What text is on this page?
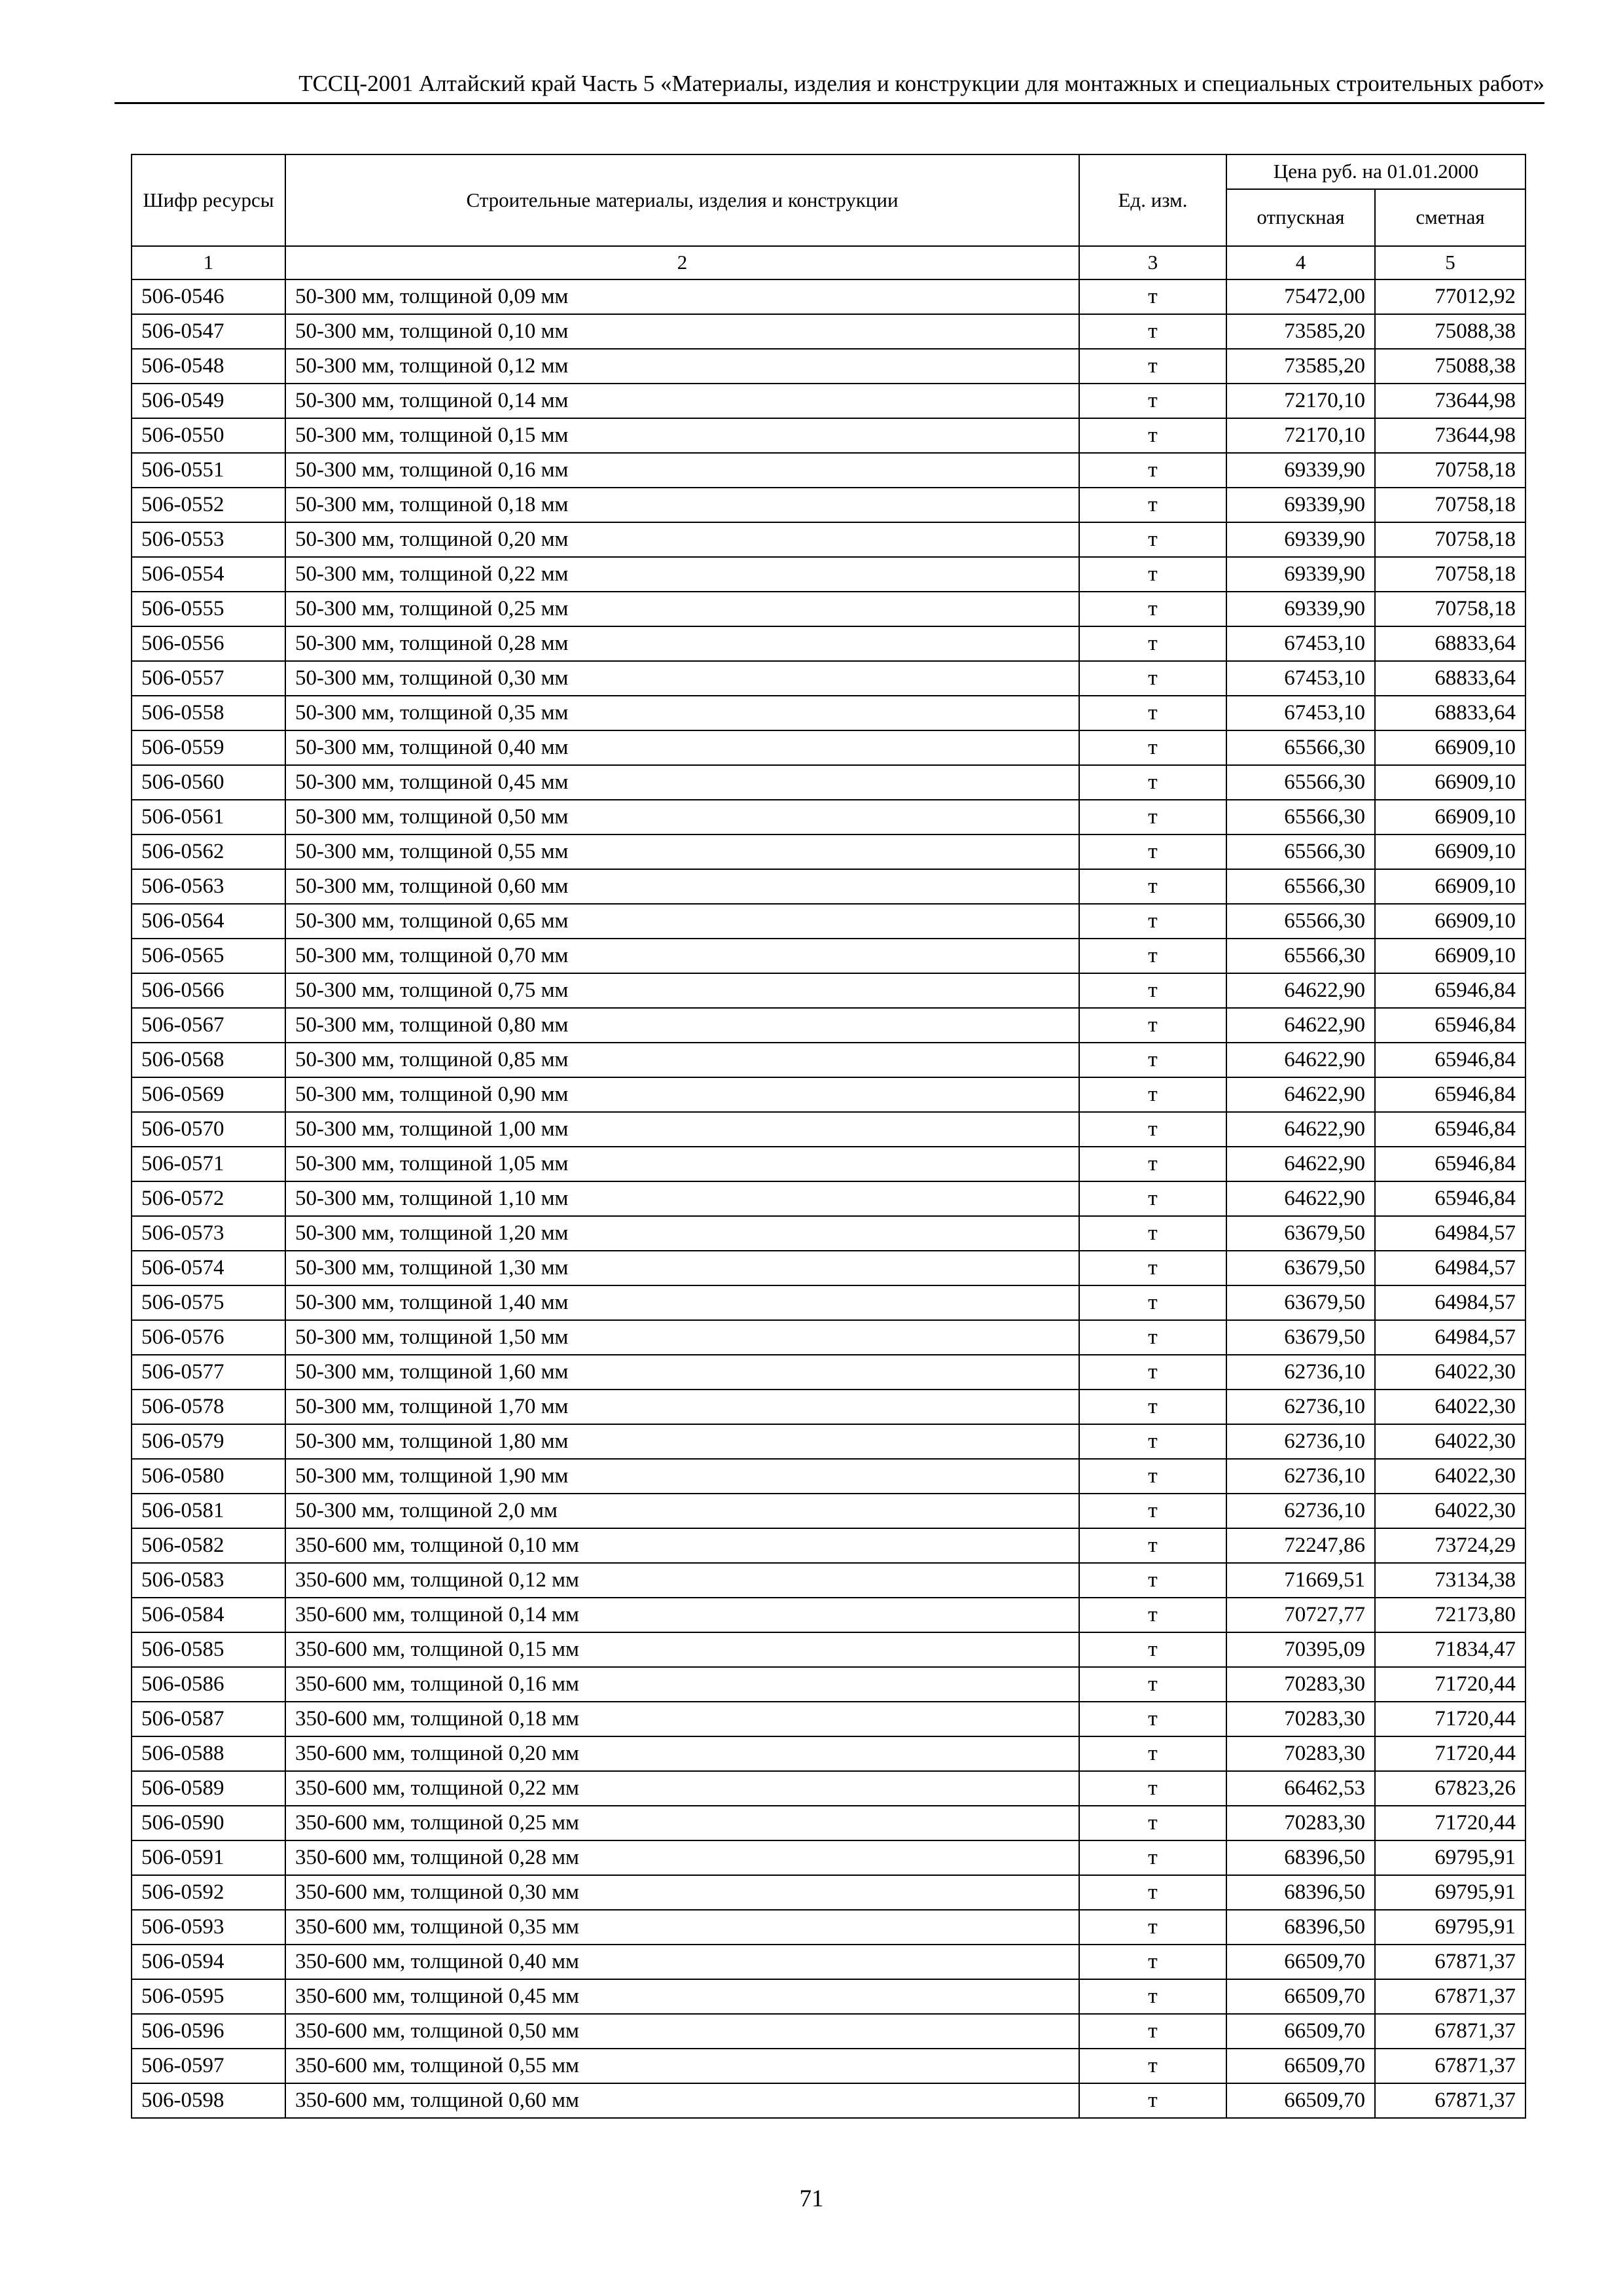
ТССЦ-2001 Алтайский край Часть 5 «Материалы, изделия и конструкции для монтажных и специальных строительных работ»
Шифр ресурсы	Строительные материалы, изделия и конструкции	Ед. изм.	Цена руб. на 01.01.2000	
			отпускная	сметная
1	2	3	4	5
506-0546	50-300 мм, толщиной 0,09 мм	т	75472,00	77012,92
506-0547	50-300 мм, толщиной 0,10 мм	т	73585,20	75088,38
506-0548	50-300 мм, толщиной 0,12 мм	т	73585,20	75088,38
506-0549	50-300 мм, толщиной 0,14 мм	т	72170,10	73644,98
506-0550	50-300 мм, толщиной 0,15 мм	т	72170,10	73644,98
506-0551	50-300 мм, толщиной 0,16 мм	т	69339,90	70758,18
506-0552	50-300 мм, толщиной 0,18 мм	т	69339,90	70758,18
506-0553	50-300 мм, толщиной 0,20 мм	т	69339,90	70758,18
506-0554	50-300 мм, толщиной 0,22 мм	т	69339,90	70758,18
506-0555	50-300 мм, толщиной 0,25 мм	т	69339,90	70758,18
506-0556	50-300 мм, толщиной 0,28 мм	т	67453,10	68833,64
506-0557	50-300 мм, толщиной 0,30 мм	т	67453,10	68833,64
506-0558	50-300 мм, толщиной 0,35 мм	т	67453,10	68833,64
506-0559	50-300 мм, толщиной 0,40 мм	т	65566,30	66909,10
506-0560	50-300 мм, толщиной 0,45 мм	т	65566,30	66909,10
506-0561	50-300 мм, толщиной 0,50 мм	т	65566,30	66909,10
506-0562	50-300 мм, толщиной 0,55 мм	т	65566,30	66909,10
506-0563	50-300 мм, толщиной 0,60 мм	т	65566,30	66909,10
506-0564	50-300 мм, толщиной 0,65 мм	т	65566,30	66909,10
506-0565	50-300 мм, толщиной 0,70 мм	т	65566,30	66909,10
506-0566	50-300 мм, толщиной 0,75 мм	т	64622,90	65946,84
506-0567	50-300 мм, толщиной 0,80 мм	т	64622,90	65946,84
506-0568	50-300 мм, толщиной 0,85 мм	т	64622,90	65946,84
506-0569	50-300 мм, толщиной 0,90 мм	т	64622,90	65946,84
506-0570	50-300 мм, толщиной 1,00 мм	т	64622,90	65946,84
506-0571	50-300 мм, толщиной 1,05 мм	т	64622,90	65946,84
506-0572	50-300 мм, толщиной 1,10 мм	т	64622,90	65946,84
506-0573	50-300 мм, толщиной 1,20 мм	т	63679,50	64984,57
506-0574	50-300 мм, толщиной 1,30 мм	т	63679,50	64984,57
506-0575	50-300 мм, толщиной 1,40 мм	т	63679,50	64984,57
506-0576	50-300 мм, толщиной 1,50 мм	т	63679,50	64984,57
506-0577	50-300 мм, толщиной 1,60 мм	т	62736,10	64022,30
506-0578	50-300 мм, толщиной 1,70 мм	т	62736,10	64022,30
506-0579	50-300 мм, толщиной 1,80 мм	т	62736,10	64022,30
506-0580	50-300 мм, толщиной 1,90 мм	т	62736,10	64022,30
506-0581	50-300 мм, толщиной 2,0 мм	т	62736,10	64022,30
506-0582	350-600 мм, толщиной 0,10 мм	т	72247,86	73724,29
506-0583	350-600 мм, толщиной 0,12 мм	т	71669,51	73134,38
506-0584	350-600 мм, толщиной 0,14 мм	т	70727,77	72173,80
506-0585	350-600 мм, толщиной 0,15 мм	т	70395,09	71834,47
506-0586	350-600 мм, толщиной 0,16 мм	т	70283,30	71720,44
506-0587	350-600 мм, толщиной 0,18 мм	т	70283,30	71720,44
506-0588	350-600 мм, толщиной 0,20 мм	т	70283,30	71720,44
506-0589	350-600 мм, толщиной 0,22 мм	т	66462,53	67823,26
506-0590	350-600 мм, толщиной 0,25 мм	т	70283,30	71720,44
506-0591	350-600 мм, толщиной 0,28 мм	т	68396,50	69795,91
506-0592	350-600 мм, толщиной 0,30 мм	т	68396,50	69795,91
506-0593	350-600 мм, толщиной 0,35 мм	т	68396,50	69795,91
506-0594	350-600 мм, толщиной 0,40 мм	т	66509,70	67871,37
506-0595	350-600 мм, толщиной 0,45 мм	т	66509,70	67871,37
506-0596	350-600 мм, толщиной 0,50 мм	т	66509,70	67871,37
506-0597	350-600 мм, толщиной 0,55 мм	т	66509,70	67871,37
506-0598	350-600 мм, толщиной 0,60 мм	т	66509,70	67871,37
71
